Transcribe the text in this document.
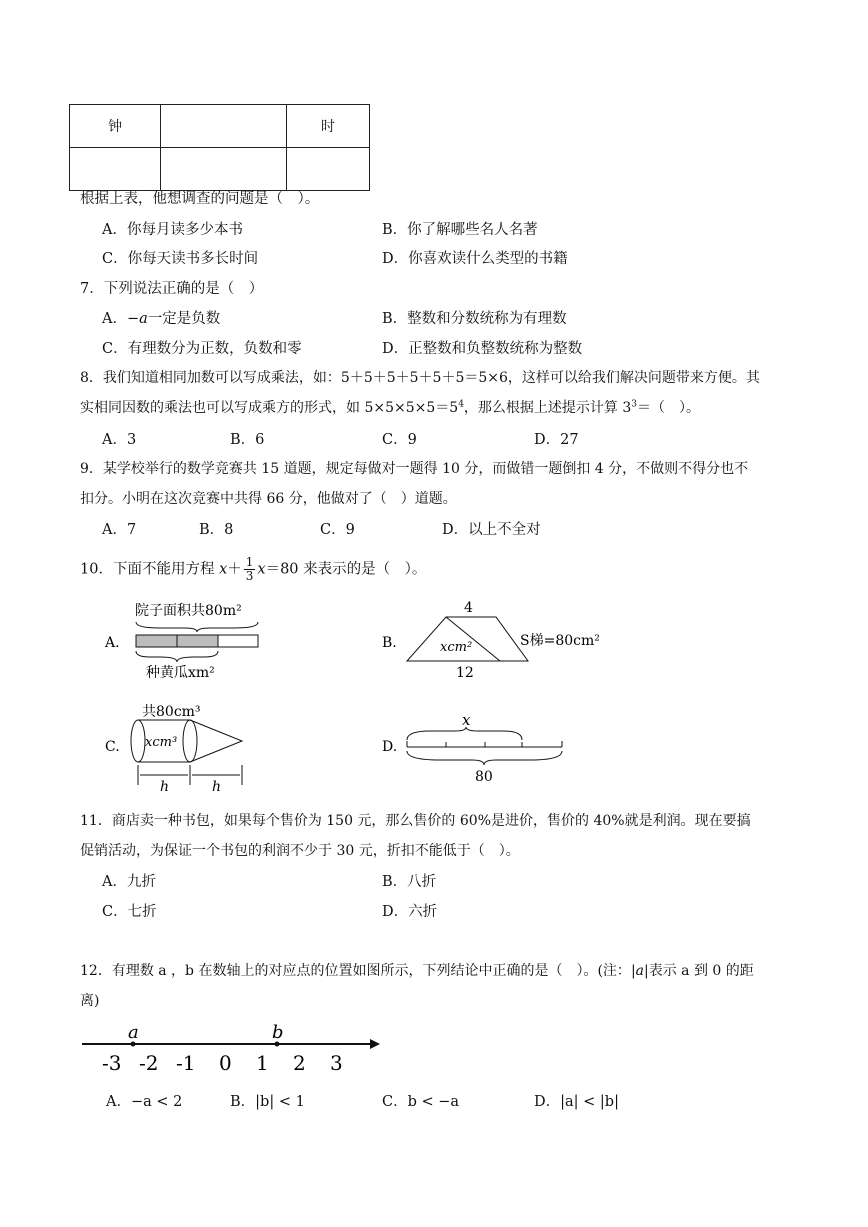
钟		时

根据上表，他想调查的问题是（　）。
A．你每月读多少本书	B．你了解哪些名人名著
C．你每天读书多长时间	D．你喜欢读什么类型的书籍
7．下列说法正确的是（　）
A．−a一定是负数	B．整数和分数统称为有理数
C．有理数分为正数，负数和零	D．正整数和负整数统称为整数
8．我们知道相同加数可以写成乘法，如：5＋5＋5＋5＋5＋5＝5×6，这样可以给我们解决问题带来方便。其
实相同因数的乘法也可以写成乘方的形式，如 $5\times 5\times 5\times 5=5^4$，那么根据上述提示计算 $3^3=$（　）。
A．3	B．6	C．9	D．27
9．某学校举行的数学竞赛共 15 道题，规定每做对一题得 10 分，而做错一题倒扣 4 分，不做则不得分也不
扣分。小明在这次竞赛中共得 66 分，他做对了（　）道题。
A．7	B．8	C．9	D．以上不全对
10．下面不能用方程 $x+ \frac{1}{3} x=80$ 来表示的是（　）。
A.
院子面积共80m²
种黄瓜xm²
B.
4
xcm²
12
S梯=80cm²
C.
共80cm³
xcm³
h	h
D.
x
80
11．商店卖一种书包，如果每个售价为 150 元，那么售价的 60%是进价，售价的 40%就是利润。现在要搞
促销活动，为保证一个书包的利润不少于 30 元，折扣不能低于（　）。
A．九折	B．八折
C．七折	D．六折
12．有理数 a ，b 在数轴上的对应点的位置如图所示，下列结论中正确的是（　）。(注：|a|表示 a 到 0 的距
离)
-3 -2 -1 0 1 2 3
a	b
A．−a < 2	B．|b| < 1	C．b < −a	D．|a| < |b|
